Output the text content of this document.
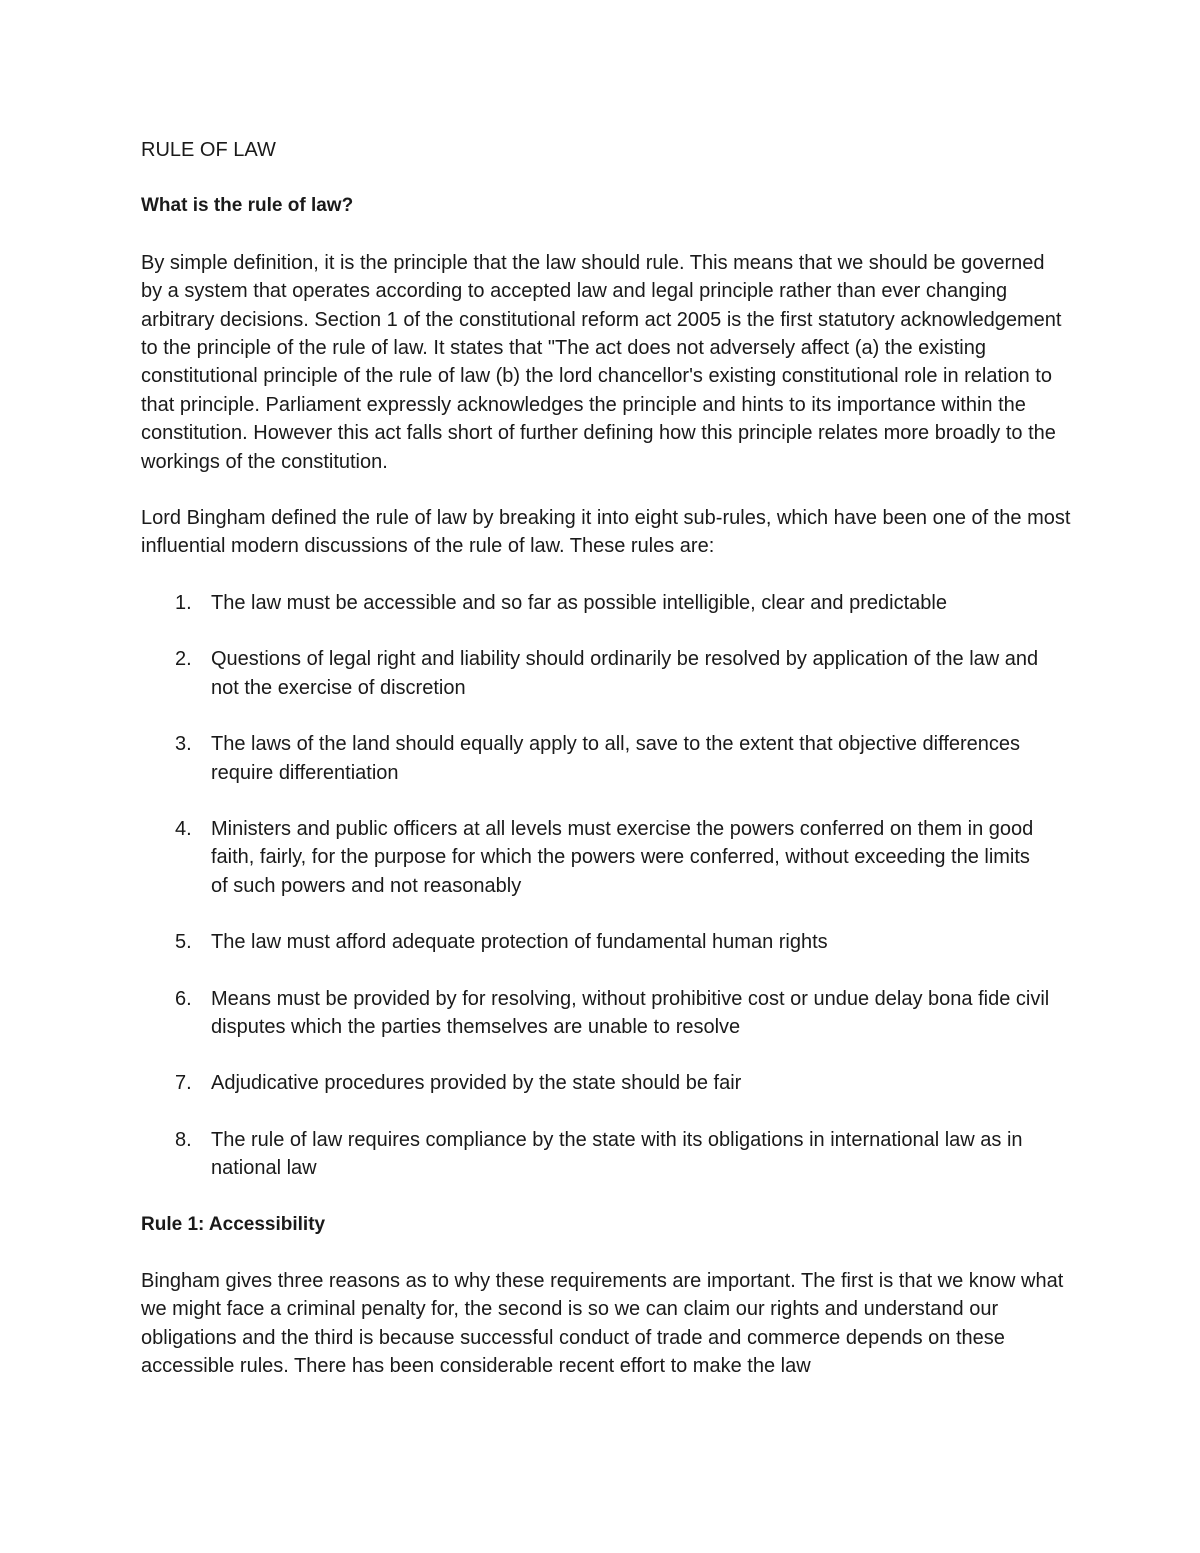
RULE OF LAW

What is the rule of law?

By simple definition, it is the principle that the law should rule. This means that we should be governed by a system that operates according to accepted law and legal principle rather than ever changing arbitrary decisions. Section 1 of the constitutional reform act 2005 is the first statutory acknowledgement to the principle of the rule of law. It states that "The act does not adversely affect (a) the existing constitutional principle of the rule of law (b) the lord chancellor's existing constitutional role in relation to that principle. Parliament expressly acknowledges the principle and hints to its importance within the constitution. However this act falls short of further defining how this principle relates more broadly to the workings of the constitution.

Lord Bingham defined the rule of law by breaking it into eight sub-rules, which have been one of the most influential modern discussions of the rule of law. These rules are:

1. The law must be accessible and so far as possible intelligible, clear and predictable
2. Questions of legal right and liability should ordinarily be resolved by application of the law and not the exercise of discretion
3. The laws of the land should equally apply to all, save to the extent that objective differences require differentiation
4. Ministers and public officers at all levels must exercise the powers conferred on them in good faith, fairly, for the purpose for which the powers were conferred, without exceeding the limits of such powers and not reasonably
5. The law must afford adequate protection of fundamental human rights
6. Means must be provided by for resolving, without prohibitive cost or undue delay bona fide civil disputes which the parties themselves are unable to resolve
7. Adjudicative procedures provided by the state should be fair
8. The rule of law requires compliance by the state with its obligations in international law as in national law

Rule 1: Accessibility

Bingham gives three reasons as to why these requirements are important. The first is that we know what we might face a criminal penalty for, the second is so we can claim our rights and understand our obligations and the third is because successful conduct of trade and commerce depends on these accessible rules. There has been considerable recent effort to make the law
